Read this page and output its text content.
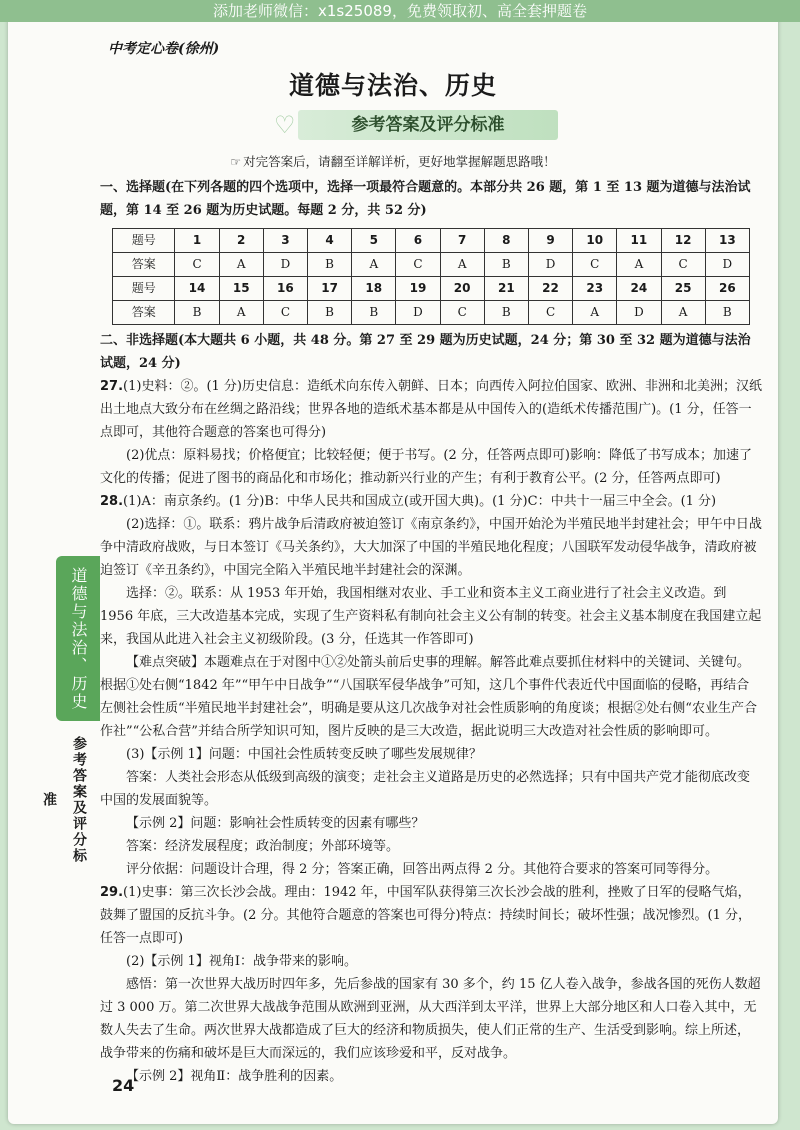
中考定心卷(徐州)
道德与法治、历史
♡	参考答案及评分标准
☞ 对完答案后，请翻至详解详析，更好地掌握解题思路哦！

一、选择题(在下列各题的四个选项中，选择一项最符合题意的。本部分共 26 题，第 1 至 13 题为道德与法治试题，第 14 至 26 题为历史试题。每题 2 分，共 52 分)

题号	1	2	3	4	5	6	7	8	9	10	11	12	13
答案	C	A	D	B	A	C	A	B	D	C	A	C	D
题号	14	15	16	17	18	19	20	21	22	23	24	25	26
答案	B	A	C	B	B	D	C	B	C	A	D	A	B

二、非选择题(本大题共 6 小题，共 48 分。第 27 至 29 题为历史试题，24 分；第 30 至 32 题为道德与法治试题，24 分)

27.(1)史料：②。(1 分)历史信息：造纸术向东传入朝鲜、日本；向西传入阿拉伯国家、欧洲、非洲和北美洲；汉纸出土地点大致分布在丝绸之路沿线；世界各地的造纸术基本都是从中国传入的(造纸术传播范围广)。(1 分，任答一点即可，其他符合题意的答案也可得分)

(2)优点：原料易找；价格便宜；比较轻便；便于书写。(2 分，任答两点即可)影响：降低了书写成本；加速了文化的传播；促进了图书的商品化和市场化；推动新兴行业的产生；有利于教育公平。(2 分，任答两点即可)

28.(1)A：南京条约。(1 分)B：中华人民共和国成立(或开国大典)。(1 分)C：中共十一届三中全会。(1 分)

(2)选择：①。联系：鸦片战争后清政府被迫签订《南京条约》，中国开始沦为半殖民地半封建社会；甲午中日战争中清政府战败，与日本签订《马关条约》，大大加深了中国的半殖民地化程度；八国联军发动侵华战争，清政府被迫签订《辛丑条约》，中国完全陷入半殖民地半封建社会的深渊。

选择：②。联系：从 1953 年开始，我国相继对农业、手工业和资本主义工商业进行了社会主义改造。到 1956 年底，三大改造基本完成，实现了生产资料私有制向社会主义公有制的转变。社会主义基本制度在我国建立起来，我国从此进入社会主义初级阶段。(3 分，任选其一作答即可)

【难点突破】本题难点在于对图中①②处箭头前后史事的理解。解答此难点要抓住材料中的关键词、关键句。根据①处右侧“1842 年”“甲午中日战争”“八国联军侵华战争”可知，这几个事件代表近代中国面临的侵略，再结合左侧社会性质“半殖民地半封建社会”，明确是要从这几次战争对社会性质影响的角度谈；根据②处右侧“农业生产合作社”“公私合营”并结合所学知识可知，图片反映的是三大改造，据此说明三大改造对社会性质的影响即可。

(3)【示例 1】问题：中国社会性质转变反映了哪些发展规律？

答案：人类社会形态从低级到高级的演变；走社会主义道路是历史的必然选择；只有中国共产党才能彻底改变中国的发展面貌等。

【示例 2】问题：影响社会性质转变的因素有哪些？

答案：经济发展程度；政治制度；外部环境等。

评分依据：问题设计合理，得 2 分；答案正确，回答出两点得 2 分。其他符合要求的答案可同等得分。

29.(1)史事：第三次长沙会战。理由：1942 年，中国军队获得第三次长沙会战的胜利，挫败了日军的侵略气焰，鼓舞了盟国的反抗斗争。(2 分。其他符合题意的答案也可得分)特点：持续时间长；破坏性强；战况惨烈。(1 分，任答一点即可)

(2)【示例 1】视角Ⅰ：战争带来的影响。

感悟：第一次世界大战历时四年多，先后参战的国家有 30 多个，约 15 亿人卷入战争，参战各国的死伤人数超过 3 000 万。第二次世界大战战争范围从欧洲到亚洲，从大西洋到太平洋，世界上大部分地区和人口卷入其中，无数人失去了生命。两次世界大战都造成了巨大的经济和物质损失，使人们正常的生产、生活受到影响。综上所述，战争带来的伤痛和破坏是巨大而深远的，我们应该珍爱和平，反对战争。

【示例 2】视角Ⅱ：战争胜利的因素。

道德与法治、历史
参考答案及评分标准
24
添加老师微信：x1s25089，免费领取初、高全套押题卷
